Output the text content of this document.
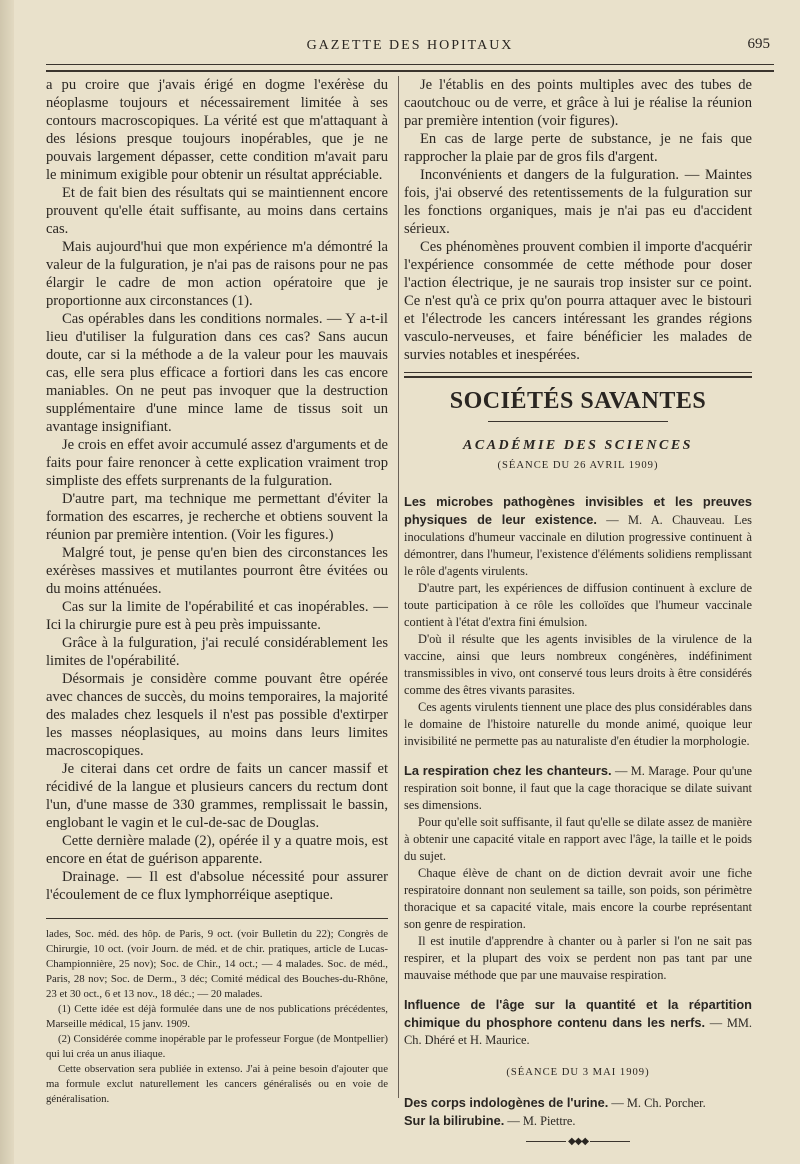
GAZETTE DES HOPITAUX	695

a pu croire que j'avais érigé en dogme l'exérèse du néoplasme toujours et nécessairement limitée à ses contours macroscopiques. La vérité est que m'attaquant à des lésions presque toujours inopérables, que je ne pouvais largement dépasser, cette condition m'avait paru le minimum exigible pour obtenir un résultat appréciable.

Et de fait bien des résultats qui se maintiennent encore prouvent qu'elle était suffisante, au moins dans certains cas.

Mais aujourd'hui que mon expérience m'a démontré la valeur de la fulguration, je n'ai pas de raisons pour ne pas élargir le cadre de mon action opératoire que je proportionne aux circonstances (1).

Cas opérables dans les conditions normales. — Y a-t-il lieu d'utiliser la fulguration dans ces cas? Sans aucun doute, car si la méthode a de la valeur pour les mauvais cas, elle sera plus efficace a fortiori dans les cas encore maniables. On ne peut pas invoquer que la destruction supplémentaire d'une mince lame de tissus soit un avantage insignifiant.

Je crois en effet avoir accumulé assez d'arguments et de faits pour faire renoncer à cette explication vraiment trop simpliste des effets surprenants de la fulguration.

D'autre part, ma technique me permettant d'éviter la formation des escarres, je recherche et obtiens souvent la réunion par première intention. (Voir les figures.)

Malgré tout, je pense qu'en bien des circonstances les exérèses massives et mutilantes pourront être évitées ou du moins atténuées.

Cas sur la limite de l'opérabilité et cas inopérables. — Ici la chirurgie pure est à peu près impuissante.

Grâce à la fulguration, j'ai reculé considérablement les limites de l'opérabilité.

Désormais je considère comme pouvant être opérée avec chances de succès, du moins temporaires, la majorité des malades chez lesquels il n'est pas possible d'extirper les masses néoplasiques, au moins dans leurs limites macroscopiques.

Je citerai dans cet ordre de faits un cancer massif et récidivé de la langue et plusieurs cancers du rectum dont l'un, d'une masse de 330 grammes, remplissait le bassin, englobant le vagin et le cul-de-sac de Douglas.

Cette dernière malade (2), opérée il y a quatre mois, est encore en état de guérison apparente.

Drainage. — Il est d'absolue nécessité pour assurer l'écoulement de ce flux lymphorréique aseptique.

lades, Soc. méd. des hôp. de Paris, 9 oct. (voir Bulletin du 22); Congrès de Chirurgie, 10 oct. (voir Journ. de méd. et de chir. pratiques, article de Lucas-Championnière, 25 nov); Soc. de Chir., 14 oct.; — 4 malades. Soc. de méd., Paris, 28 nov; Soc. de Derm., 3 déc; Comité médical des Bouches-du-Rhône, 23 et 30 oct., 6 et 13 nov., 18 déc.; — 20 malades.

(1) Cette idée est déjà formulée dans une de nos publications précédentes, Marseille médical, 15 janv. 1909.

(2) Considérée comme inopérable par le professeur Forgue (de Montpellier) qui lui créa un anus iliaque.

Cette observation sera publiée in extenso. J'ai à peine besoin d'ajouter que ma formule exclut naturellement les cancers généralisés ou en voie de généralisation.

Je l'établis en des points multiples avec des tubes de caoutchouc ou de verre, et grâce à lui je réalise la réunion par première intention (voir figures).

En cas de large perte de substance, je ne fais que rapprocher la plaie par de gros fils d'argent.

Inconvénients et dangers de la fulguration. — Maintes fois, j'ai observé des retentissements de la fulguration sur les fonctions organiques, mais je n'ai pas eu d'accident sérieux.

Ces phénomènes prouvent combien il importe d'acquérir l'expérience consommée de cette méthode pour doser l'action électrique, je ne saurais trop insister sur ce point. Ce n'est qu'à ce prix qu'on pourra attaquer avec le bistouri et l'électrode les cancers intéressant les grandes régions vasculo-nerveuses, et faire bénéficier les malades de survies notables et inespérées.

SOCIÉTÉS SAVANTES
ACADÉMIE DES SCIENCES
(SÉANCE DU 26 AVRIL 1909)

Les microbes pathogènes invisibles et les preuves physiques de leur existence. — M. A. Chauveau. Les inoculations d'humeur vaccinale en dilution progressive continuent à démontrer, dans l'humeur, l'existence d'éléments solidiens remplissant le rôle d'agents virulents.

D'autre part, les expériences de diffusion continuent à exclure de toute participation à ce rôle les colloïdes que l'humeur vaccinale contient à l'état d'extra fini émulsion.

D'où il résulte que les agents invisibles de la virulence de la vaccine, ainsi que leurs nombreux congénères, indéfiniment transmissibles in vivo, ont conservé tous leurs droits à être considérés comme des êtres vivants parasites.

Ces agents virulents tiennent une place des plus considérables dans le domaine de l'histoire naturelle du monde animé, quoique leur invisibilité ne permette pas au naturaliste d'en étudier la morphologie.

La respiration chez les chanteurs. — M. Marage. Pour qu'une respiration soit bonne, il faut que la cage thoracique se dilate suivant ses dimensions.

Pour qu'elle soit suffisante, il faut qu'elle se dilate assez de manière à obtenir une capacité vitale en rapport avec l'âge, la taille et le poids du sujet.

Chaque élève de chant on de diction devrait avoir une fiche respiratoire donnant non seulement sa taille, son poids, son périmètre thoracique et sa capacité vitale, mais encore la courbe représentant son genre de respiration.

Il est inutile d'apprendre à chanter ou à parler si l'on ne sait pas respirer, et la plupart des voix se perdent non pas tant par une mauvaise méthode que par une mauvaise respiration.

Influence de l'âge sur la quantité et la répartition chimique du phosphore contenu dans les nerfs. — MM. Ch. Dhéré et H. Maurice.

(SÉANCE DU 3 MAI 1909)

Des corps indologènes de l'urine. — M. Ch. Porcher.

Sur la bilirubine. — M. Piettre.

◆◆◆
